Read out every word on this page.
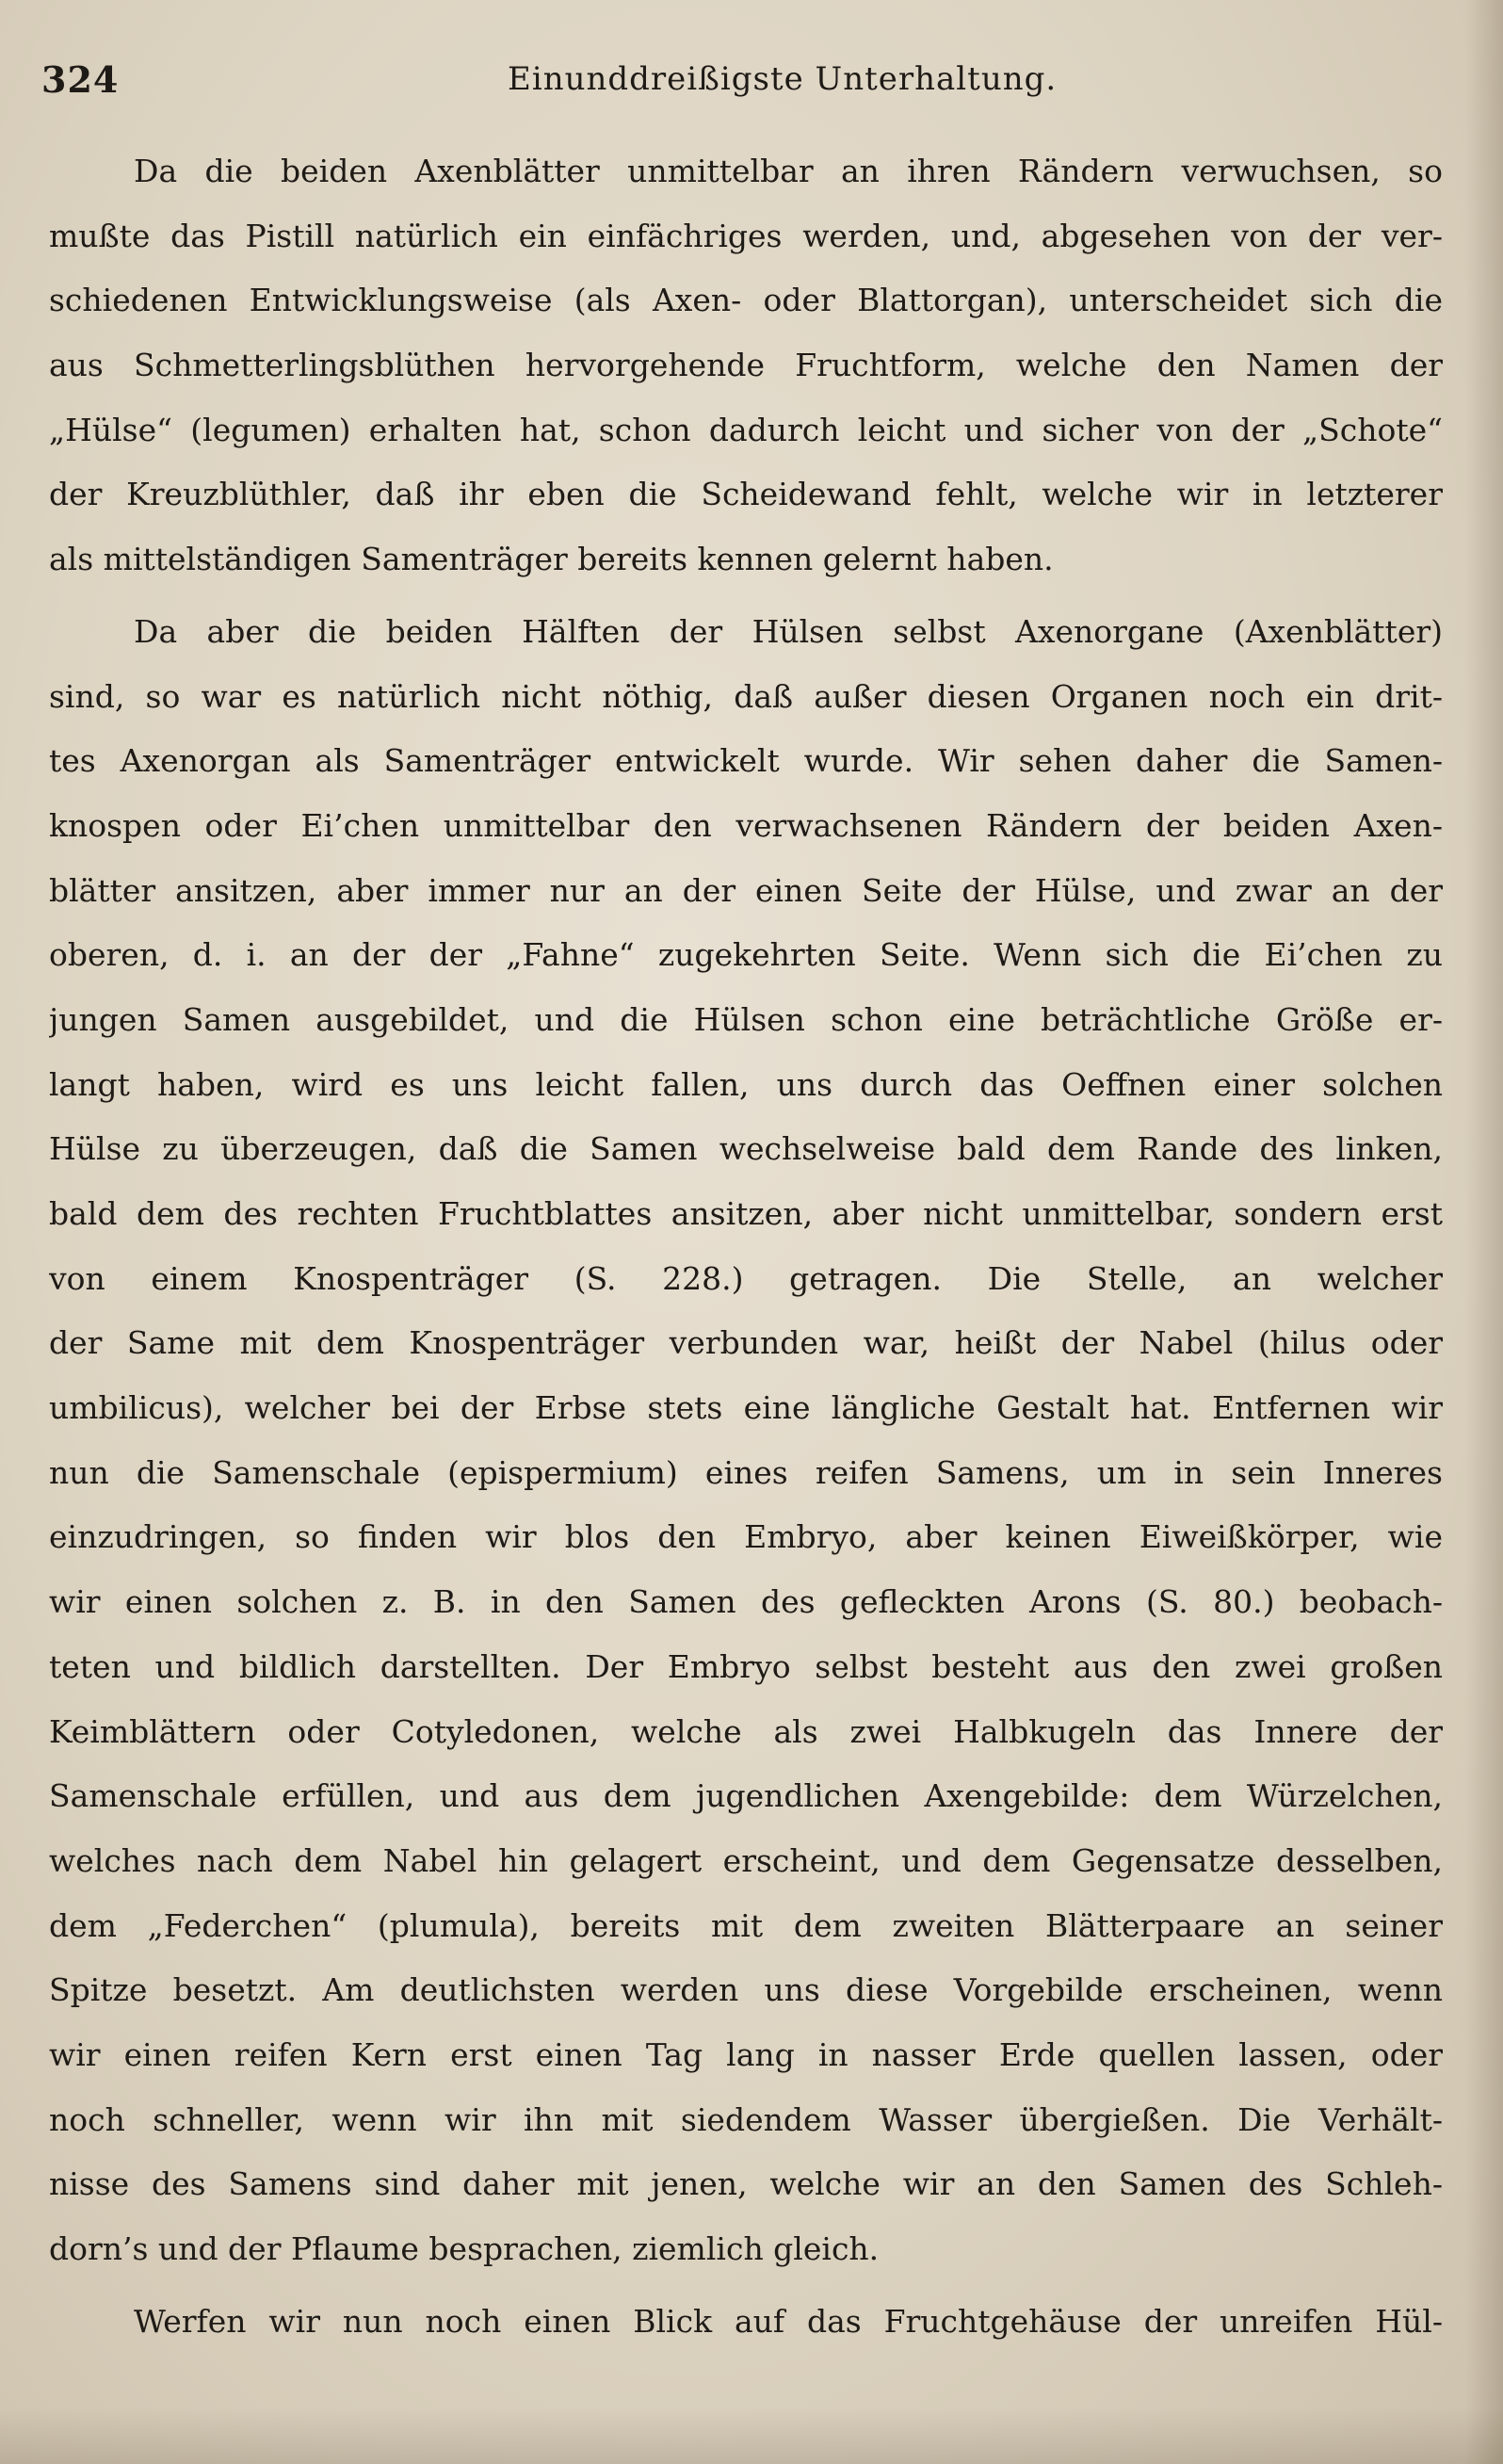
324	Einunddreißigste Unterhaltung.
Da die beiden Axenblätter unmittelbar an ihren Rändern verwuchsen, so
mußte das Pistill natürlich ein einfächriges werden, und, abgesehen von der ver-
schiedenen Entwicklungsweise (als Axen- oder Blattorgan), unterscheidet sich die
aus Schmetterlingsblüthen hervorgehende Fruchtform, welche den Namen der
„Hülse“ (legumen) erhalten hat, schon dadurch leicht und sicher von der „Schote“
der Kreuzblüthler, daß ihr eben die Scheidewand fehlt, welche wir in letzterer
als mittelständigen Samenträger bereits kennen gelernt haben.
Da aber die beiden Hälften der Hülsen selbst Axenorgane (Axenblätter)
sind, so war es natürlich nicht nöthig, daß außer diesen Organen noch ein drit-
tes Axenorgan als Samenträger entwickelt wurde. Wir sehen daher die Samen-
knospen oder Ei’chen unmittelbar den verwachsenen Rändern der beiden Axen-
blätter ansitzen, aber immer nur an der einen Seite der Hülse, und zwar an der
oberen, d. i. an der der „Fahne“ zugekehrten Seite. Wenn sich die Ei’chen zu
jungen Samen ausgebildet, und die Hülsen schon eine beträchtliche Größe er-
langt haben, wird es uns leicht fallen, uns durch das Oeffnen einer solchen
Hülse zu überzeugen, daß die Samen wechselweise bald dem Rande des linken,
bald dem des rechten Fruchtblattes ansitzen, aber nicht unmittelbar, sondern erst
von einem Knospenträger (S. 228.) getragen. Die Stelle, an welcher
der Same mit dem Knospenträger verbunden war, heißt der Nabel (hilus oder
umbilicus), welcher bei der Erbse stets eine längliche Gestalt hat. Entfernen wir
nun die Samenschale (epispermium) eines reifen Samens, um in sein Inneres
einzudringen, so finden wir blos den Embryo, aber keinen Eiweißkörper, wie
wir einen solchen z. B. in den Samen des gefleckten Arons (S. 80.) beobach-
teten und bildlich darstellten. Der Embryo selbst besteht aus den zwei großen
Keimblättern oder Cotyledonen, welche als zwei Halbkugeln das Innere der
Samenschale erfüllen, und aus dem jugendlichen Axengebilde: dem Würzelchen,
welches nach dem Nabel hin gelagert erscheint, und dem Gegensatze desselben,
dem „Federchen“ (plumula), bereits mit dem zweiten Blätterpaare an seiner
Spitze besetzt. Am deutlichsten werden uns diese Vorgebilde erscheinen, wenn
wir einen reifen Kern erst einen Tag lang in nasser Erde quellen lassen, oder
noch schneller, wenn wir ihn mit siedendem Wasser übergießen. Die Verhält-
nisse des Samens sind daher mit jenen, welche wir an den Samen des Schleh-
dorn’s und der Pflaume besprachen, ziemlich gleich.
Werfen wir nun noch einen Blick auf das Fruchtgehäuse der unreifen Hül-
